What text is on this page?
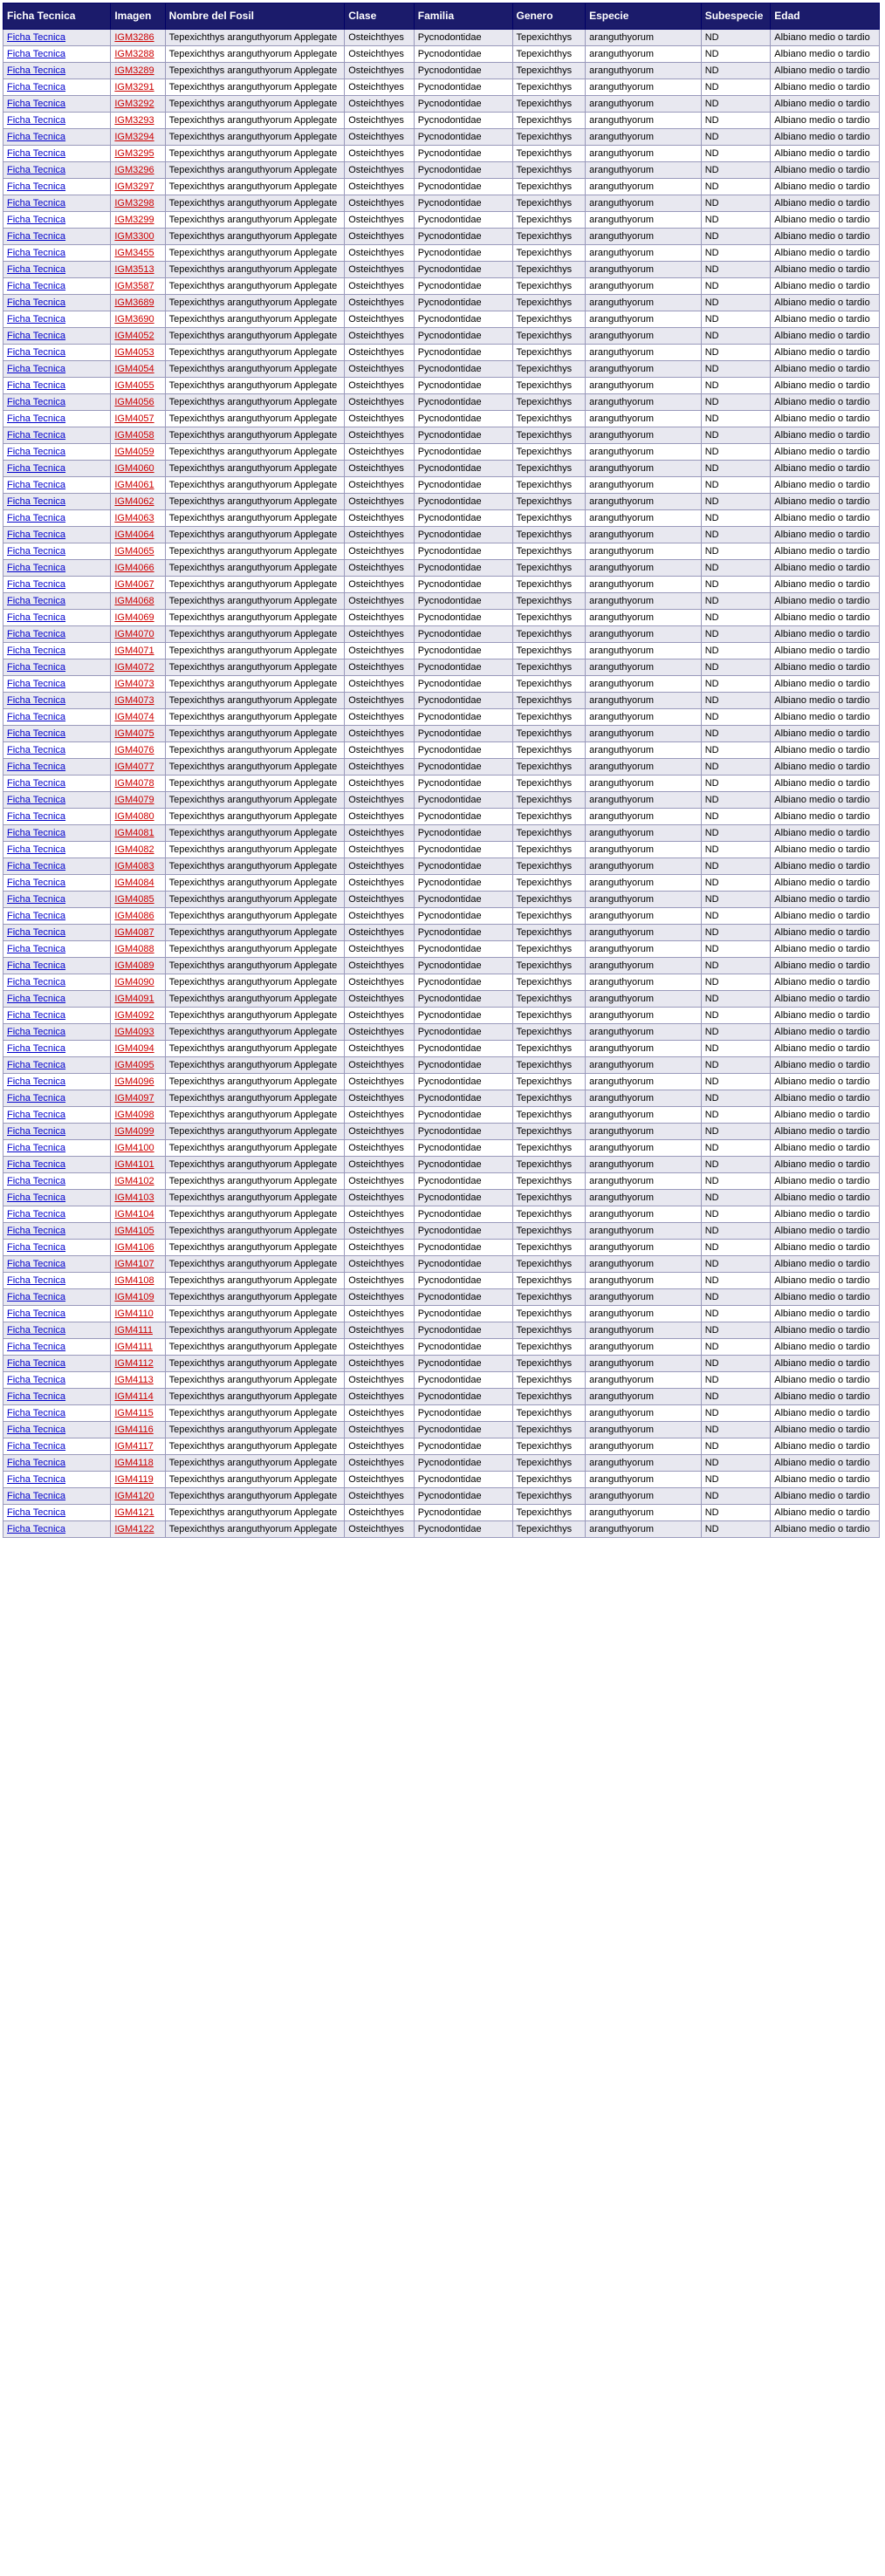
Ficha Tecnica	Imagen	Nombre del Fosil	Clase	Familia	Genero	Especie	Subespecie	Edad
Ficha Tecnica	IGM3286	Tepexichthys aranguthyorum Applegate	Osteichthyes	Pycnodontidae	Tepexichthys	aranguthyorum	ND	Albiano medio o tardio
Ficha Tecnica	IGM3288	Tepexichthys aranguthyorum Applegate	Osteichthyes	Pycnodontidae	Tepexichthys	aranguthyorum	ND	Albiano medio o tardio
Ficha Tecnica	IGM3289	Tepexichthys aranguthyorum Applegate	Osteichthyes	Pycnodontidae	Tepexichthys	aranguthyorum	ND	Albiano medio o tardio
Ficha Tecnica	IGM3291	Tepexichthys aranguthyorum Applegate	Osteichthyes	Pycnodontidae	Tepexichthys	aranguthyorum	ND	Albiano medio o tardio
Ficha Tecnica	IGM3292	Tepexichthys aranguthyorum Applegate	Osteichthyes	Pycnodontidae	Tepexichthys	aranguthyorum	ND	Albiano medio o tardio
Ficha Tecnica	IGM3293	Tepexichthys aranguthyorum Applegate	Osteichthyes	Pycnodontidae	Tepexichthys	aranguthyorum	ND	Albiano medio o tardio
Ficha Tecnica	IGM3294	Tepexichthys aranguthyorum Applegate	Osteichthyes	Pycnodontidae	Tepexichthys	aranguthyorum	ND	Albiano medio o tardio
Ficha Tecnica	IGM3295	Tepexichthys aranguthyorum Applegate	Osteichthyes	Pycnodontidae	Tepexichthys	aranguthyorum	ND	Albiano medio o tardio
Ficha Tecnica	IGM3296	Tepexichthys aranguthyorum Applegate	Osteichthyes	Pycnodontidae	Tepexichthys	aranguthyorum	ND	Albiano medio o tardio
Ficha Tecnica	IGM3297	Tepexichthys aranguthyorum Applegate	Osteichthyes	Pycnodontidae	Tepexichthys	aranguthyorum	ND	Albiano medio o tardio
Ficha Tecnica	IGM3298	Tepexichthys aranguthyorum Applegate	Osteichthyes	Pycnodontidae	Tepexichthys	aranguthyorum	ND	Albiano medio o tardio
Ficha Tecnica	IGM3299	Tepexichthys aranguthyorum Applegate	Osteichthyes	Pycnodontidae	Tepexichthys	aranguthyorum	ND	Albiano medio o tardio
Ficha Tecnica	IGM3300	Tepexichthys aranguthyorum Applegate	Osteichthyes	Pycnodontidae	Tepexichthys	aranguthyorum	ND	Albiano medio o tardio
Ficha Tecnica	IGM3455	Tepexichthys aranguthyorum Applegate	Osteichthyes	Pycnodontidae	Tepexichthys	aranguthyorum	ND	Albiano medio o tardio
Ficha Tecnica	IGM3513	Tepexichthys aranguthyorum Applegate	Osteichthyes	Pycnodontidae	Tepexichthys	aranguthyorum	ND	Albiano medio o tardio
Ficha Tecnica	IGM3587	Tepexichthys aranguthyorum Applegate	Osteichthyes	Pycnodontidae	Tepexichthys	aranguthyorum	ND	Albiano medio o tardio
Ficha Tecnica	IGM3689	Tepexichthys aranguthyorum Applegate	Osteichthyes	Pycnodontidae	Tepexichthys	aranguthyorum	ND	Albiano medio o tardio
Ficha Tecnica	IGM3690	Tepexichthys aranguthyorum Applegate	Osteichthyes	Pycnodontidae	Tepexichthys	aranguthyorum	ND	Albiano medio o tardio
Ficha Tecnica	IGM4052	Tepexichthys aranguthyorum Applegate	Osteichthyes	Pycnodontidae	Tepexichthys	aranguthyorum	ND	Albiano medio o tardio
Ficha Tecnica	IGM4053	Tepexichthys aranguthyorum Applegate	Osteichthyes	Pycnodontidae	Tepexichthys	aranguthyorum	ND	Albiano medio o tardio
Ficha Tecnica	IGM4054	Tepexichthys aranguthyorum Applegate	Osteichthyes	Pycnodontidae	Tepexichthys	aranguthyorum	ND	Albiano medio o tardio
Ficha Tecnica	IGM4055	Tepexichthys aranguthyorum Applegate	Osteichthyes	Pycnodontidae	Tepexichthys	aranguthyorum	ND	Albiano medio o tardio
Ficha Tecnica	IGM4056	Tepexichthys aranguthyorum Applegate	Osteichthyes	Pycnodontidae	Tepexichthys	aranguthyorum	ND	Albiano medio o tardio
Ficha Tecnica	IGM4057	Tepexichthys aranguthyorum Applegate	Osteichthyes	Pycnodontidae	Tepexichthys	aranguthyorum	ND	Albiano medio o tardio
Ficha Tecnica	IGM4058	Tepexichthys aranguthyorum Applegate	Osteichthyes	Pycnodontidae	Tepexichthys	aranguthyorum	ND	Albiano medio o tardio
Ficha Tecnica	IGM4059	Tepexichthys aranguthyorum Applegate	Osteichthyes	Pycnodontidae	Tepexichthys	aranguthyorum	ND	Albiano medio o tardio
Ficha Tecnica	IGM4060	Tepexichthys aranguthyorum Applegate	Osteichthyes	Pycnodontidae	Tepexichthys	aranguthyorum	ND	Albiano medio o tardio
Ficha Tecnica	IGM4061	Tepexichthys aranguthyorum Applegate	Osteichthyes	Pycnodontidae	Tepexichthys	aranguthyorum	ND	Albiano medio o tardio
Ficha Tecnica	IGM4062	Tepexichthys aranguthyorum Applegate	Osteichthyes	Pycnodontidae	Tepexichthys	aranguthyorum	ND	Albiano medio o tardio
Ficha Tecnica	IGM4063	Tepexichthys aranguthyorum Applegate	Osteichthyes	Pycnodontidae	Tepexichthys	aranguthyorum	ND	Albiano medio o tardio
Ficha Tecnica	IGM4064	Tepexichthys aranguthyorum Applegate	Osteichthyes	Pycnodontidae	Tepexichthys	aranguthyorum	ND	Albiano medio o tardio
Ficha Tecnica	IGM4065	Tepexichthys aranguthyorum Applegate	Osteichthyes	Pycnodontidae	Tepexichthys	aranguthyorum	ND	Albiano medio o tardio
Ficha Tecnica	IGM4066	Tepexichthys aranguthyorum Applegate	Osteichthyes	Pycnodontidae	Tepexichthys	aranguthyorum	ND	Albiano medio o tardio
Ficha Tecnica	IGM4067	Tepexichthys aranguthyorum Applegate	Osteichthyes	Pycnodontidae	Tepexichthys	aranguthyorum	ND	Albiano medio o tardio
Ficha Tecnica	IGM4068	Tepexichthys aranguthyorum Applegate	Osteichthyes	Pycnodontidae	Tepexichthys	aranguthyorum	ND	Albiano medio o tardio
Ficha Tecnica	IGM4069	Tepexichthys aranguthyorum Applegate	Osteichthyes	Pycnodontidae	Tepexichthys	aranguthyorum	ND	Albiano medio o tardio
Ficha Tecnica	IGM4070	Tepexichthys aranguthyorum Applegate	Osteichthyes	Pycnodontidae	Tepexichthys	aranguthyorum	ND	Albiano medio o tardio
Ficha Tecnica	IGM4071	Tepexichthys aranguthyorum Applegate	Osteichthyes	Pycnodontidae	Tepexichthys	aranguthyorum	ND	Albiano medio o tardio
Ficha Tecnica	IGM4072	Tepexichthys aranguthyorum Applegate	Osteichthyes	Pycnodontidae	Tepexichthys	aranguthyorum	ND	Albiano medio o tardio
Ficha Tecnica	IGM4073	Tepexichthys aranguthyorum Applegate	Osteichthyes	Pycnodontidae	Tepexichthys	aranguthyorum	ND	Albiano medio o tardio
Ficha Tecnica	IGM4073	Tepexichthys aranguthyorum Applegate	Osteichthyes	Pycnodontidae	Tepexichthys	aranguthyorum	ND	Albiano medio o tardio
Ficha Tecnica	IGM4074	Tepexichthys aranguthyorum Applegate	Osteichthyes	Pycnodontidae	Tepexichthys	aranguthyorum	ND	Albiano medio o tardio
Ficha Tecnica	IGM4075	Tepexichthys aranguthyorum Applegate	Osteichthyes	Pycnodontidae	Tepexichthys	aranguthyorum	ND	Albiano medio o tardio
Ficha Tecnica	IGM4076	Tepexichthys aranguthyorum Applegate	Osteichthyes	Pycnodontidae	Tepexichthys	aranguthyorum	ND	Albiano medio o tardio
Ficha Tecnica	IGM4077	Tepexichthys aranguthyorum Applegate	Osteichthyes	Pycnodontidae	Tepexichthys	aranguthyorum	ND	Albiano medio o tardio
Ficha Tecnica	IGM4078	Tepexichthys aranguthyorum Applegate	Osteichthyes	Pycnodontidae	Tepexichthys	aranguthyorum	ND	Albiano medio o tardio
Ficha Tecnica	IGM4079	Tepexichthys aranguthyorum Applegate	Osteichthyes	Pycnodontidae	Tepexichthys	aranguthyorum	ND	Albiano medio o tardio
Ficha Tecnica	IGM4080	Tepexichthys aranguthyorum Applegate	Osteichthyes	Pycnodontidae	Tepexichthys	aranguthyorum	ND	Albiano medio o tardio
Ficha Tecnica	IGM4081	Tepexichthys aranguthyorum Applegate	Osteichthyes	Pycnodontidae	Tepexichthys	aranguthyorum	ND	Albiano medio o tardio
Ficha Tecnica	IGM4082	Tepexichthys aranguthyorum Applegate	Osteichthyes	Pycnodontidae	Tepexichthys	aranguthyorum	ND	Albiano medio o tardio
Ficha Tecnica	IGM4083	Tepexichthys aranguthyorum Applegate	Osteichthyes	Pycnodontidae	Tepexichthys	aranguthyorum	ND	Albiano medio o tardio
Ficha Tecnica	IGM4084	Tepexichthys aranguthyorum Applegate	Osteichthyes	Pycnodontidae	Tepexichthys	aranguthyorum	ND	Albiano medio o tardio
Ficha Tecnica	IGM4085	Tepexichthys aranguthyorum Applegate	Osteichthyes	Pycnodontidae	Tepexichthys	aranguthyorum	ND	Albiano medio o tardio
Ficha Tecnica	IGM4086	Tepexichthys aranguthyorum Applegate	Osteichthyes	Pycnodontidae	Tepexichthys	aranguthyorum	ND	Albiano medio o tardio
Ficha Tecnica	IGM4087	Tepexichthys aranguthyorum Applegate	Osteichthyes	Pycnodontidae	Tepexichthys	aranguthyorum	ND	Albiano medio o tardio
Ficha Tecnica	IGM4088	Tepexichthys aranguthyorum Applegate	Osteichthyes	Pycnodontidae	Tepexichthys	aranguthyorum	ND	Albiano medio o tardio
Ficha Tecnica	IGM4089	Tepexichthys aranguthyorum Applegate	Osteichthyes	Pycnodontidae	Tepexichthys	aranguthyorum	ND	Albiano medio o tardio
Ficha Tecnica	IGM4090	Tepexichthys aranguthyorum Applegate	Osteichthyes	Pycnodontidae	Tepexichthys	aranguthyorum	ND	Albiano medio o tardio
Ficha Tecnica	IGM4091	Tepexichthys aranguthyorum Applegate	Osteichthyes	Pycnodontidae	Tepexichthys	aranguthyorum	ND	Albiano medio o tardio
Ficha Tecnica	IGM4092	Tepexichthys aranguthyorum Applegate	Osteichthyes	Pycnodontidae	Tepexichthys	aranguthyorum	ND	Albiano medio o tardio
Ficha Tecnica	IGM4093	Tepexichthys aranguthyorum Applegate	Osteichthyes	Pycnodontidae	Tepexichthys	aranguthyorum	ND	Albiano medio o tardio
Ficha Tecnica	IGM4094	Tepexichthys aranguthyorum Applegate	Osteichthyes	Pycnodontidae	Tepexichthys	aranguthyorum	ND	Albiano medio o tardio
Ficha Tecnica	IGM4095	Tepexichthys aranguthyorum Applegate	Osteichthyes	Pycnodontidae	Tepexichthys	aranguthyorum	ND	Albiano medio o tardio
Ficha Tecnica	IGM4096	Tepexichthys aranguthyorum Applegate	Osteichthyes	Pycnodontidae	Tepexichthys	aranguthyorum	ND	Albiano medio o tardio
Ficha Tecnica	IGM4097	Tepexichthys aranguthyorum Applegate	Osteichthyes	Pycnodontidae	Tepexichthys	aranguthyorum	ND	Albiano medio o tardio
Ficha Tecnica	IGM4098	Tepexichthys aranguthyorum Applegate	Osteichthyes	Pycnodontidae	Tepexichthys	aranguthyorum	ND	Albiano medio o tardio
Ficha Tecnica	IGM4099	Tepexichthys aranguthyorum Applegate	Osteichthyes	Pycnodontidae	Tepexichthys	aranguthyorum	ND	Albiano medio o tardio
Ficha Tecnica	IGM4100	Tepexichthys aranguthyorum Applegate	Osteichthyes	Pycnodontidae	Tepexichthys	aranguthyorum	ND	Albiano medio o tardio
Ficha Tecnica	IGM4101	Tepexichthys aranguthyorum Applegate	Osteichthyes	Pycnodontidae	Tepexichthys	aranguthyorum	ND	Albiano medio o tardio
Ficha Tecnica	IGM4102	Tepexichthys aranguthyorum Applegate	Osteichthyes	Pycnodontidae	Tepexichthys	aranguthyorum	ND	Albiano medio o tardio
Ficha Tecnica	IGM4103	Tepexichthys aranguthyorum Applegate	Osteichthyes	Pycnodontidae	Tepexichthys	aranguthyorum	ND	Albiano medio o tardio
Ficha Tecnica	IGM4104	Tepexichthys aranguthyorum Applegate	Osteichthyes	Pycnodontidae	Tepexichthys	aranguthyorum	ND	Albiano medio o tardio
Ficha Tecnica	IGM4105	Tepexichthys aranguthyorum Applegate	Osteichthyes	Pycnodontidae	Tepexichthys	aranguthyorum	ND	Albiano medio o tardio
Ficha Tecnica	IGM4106	Tepexichthys aranguthyorum Applegate	Osteichthyes	Pycnodontidae	Tepexichthys	aranguthyorum	ND	Albiano medio o tardio
Ficha Tecnica	IGM4107	Tepexichthys aranguthyorum Applegate	Osteichthyes	Pycnodontidae	Tepexichthys	aranguthyorum	ND	Albiano medio o tardio
Ficha Tecnica	IGM4108	Tepexichthys aranguthyorum Applegate	Osteichthyes	Pycnodontidae	Tepexichthys	aranguthyorum	ND	Albiano medio o tardio
Ficha Tecnica	IGM4109	Tepexichthys aranguthyorum Applegate	Osteichthyes	Pycnodontidae	Tepexichthys	aranguthyorum	ND	Albiano medio o tardio
Ficha Tecnica	IGM4110	Tepexichthys aranguthyorum Applegate	Osteichthyes	Pycnodontidae	Tepexichthys	aranguthyorum	ND	Albiano medio o tardio
Ficha Tecnica	IGM4111	Tepexichthys aranguthyorum Applegate	Osteichthyes	Pycnodontidae	Tepexichthys	aranguthyorum	ND	Albiano medio o tardio
Ficha Tecnica	IGM4111	Tepexichthys aranguthyorum Applegate	Osteichthyes	Pycnodontidae	Tepexichthys	aranguthyorum	ND	Albiano medio o tardio
Ficha Tecnica	IGM4112	Tepexichthys aranguthyorum Applegate	Osteichthyes	Pycnodontidae	Tepexichthys	aranguthyorum	ND	Albiano medio o tardio
Ficha Tecnica	IGM4113	Tepexichthys aranguthyorum Applegate	Osteichthyes	Pycnodontidae	Tepexichthys	aranguthyorum	ND	Albiano medio o tardio
Ficha Tecnica	IGM4114	Tepexichthys aranguthyorum Applegate	Osteichthyes	Pycnodontidae	Tepexichthys	aranguthyorum	ND	Albiano medio o tardio
Ficha Tecnica	IGM4115	Tepexichthys aranguthyorum Applegate	Osteichthyes	Pycnodontidae	Tepexichthys	aranguthyorum	ND	Albiano medio o tardio
Ficha Tecnica	IGM4116	Tepexichthys aranguthyorum Applegate	Osteichthyes	Pycnodontidae	Tepexichthys	aranguthyorum	ND	Albiano medio o tardio
Ficha Tecnica	IGM4117	Tepexichthys aranguthyorum Applegate	Osteichthyes	Pycnodontidae	Tepexichthys	aranguthyorum	ND	Albiano medio o tardio
Ficha Tecnica	IGM4118	Tepexichthys aranguthyorum Applegate	Osteichthyes	Pycnodontidae	Tepexichthys	aranguthyorum	ND	Albiano medio o tardio
Ficha Tecnica	IGM4119	Tepexichthys aranguthyorum Applegate	Osteichthyes	Pycnodontidae	Tepexichthys	aranguthyorum	ND	Albiano medio o tardio
Ficha Tecnica	IGM4120	Tepexichthys aranguthyorum Applegate	Osteichthyes	Pycnodontidae	Tepexichthys	aranguthyorum	ND	Albiano medio o tardio
Ficha Tecnica	IGM4121	Tepexichthys aranguthyorum Applegate	Osteichthyes	Pycnodontidae	Tepexichthys	aranguthyorum	ND	Albiano medio o tardio
Ficha Tecnica	IGM4122	Tepexichthys aranguthyorum Applegate	Osteichthyes	Pycnodontidae	Tepexichthys	aranguthyorum	ND	Albiano medio o tardio
